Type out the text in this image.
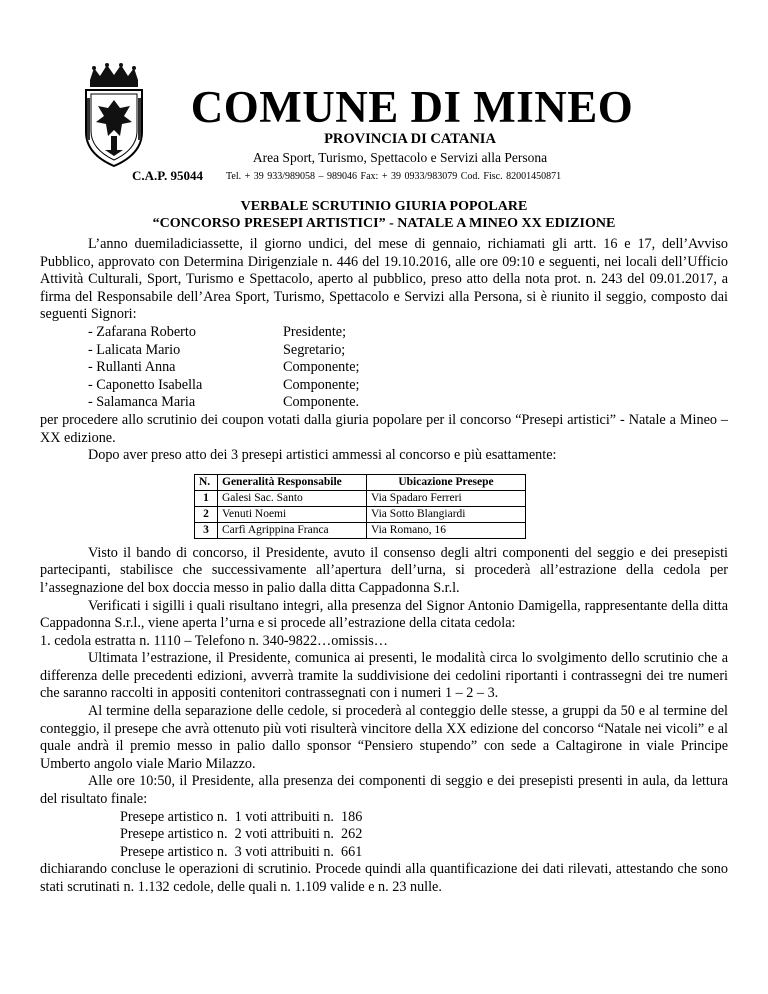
COMUNE DI MINEO
PROVINCIA DI CATANIA
Area Sport, Turismo, Spettacolo e Servizi alla Persona
C.A.P. 95044 Tel. + 39 933/989058 – 989046 Fax: + 39 0933/983079 Cod. Fisc. 82001450871
VERBALE SCRUTINIO GIURIA POPOLARE
“CONCORSO PRESEPI ARTISTICI” - NATALE A MINEO XX EDIZIONE

L’anno duemiladiciassette, il giorno undici, del mese di gennaio, richiamati gli artt. 16 e 17, dell’Avviso Pubblico, approvato con Determina Dirigenziale n. 446 del 19.10.2016, alle ore 09:10 e seguenti, nei locali dell’Ufficio Attività Culturali, Sport, Turismo e Spettacolo, aperto al pubblico, preso atto della nota prot. n. 243 del 09.01.2017, a firma del Responsabile dell’Area Sport, Turismo, Spettacolo e Servizi alla Persona, si è riunito il seggio, composto dai seguenti Signori:

- Zafarana Roberto	Presidente;
- Lalicata Mario	Segretario;
- Rullanti Anna	Componente;
- Caponetto Isabella	Componente;
- Salamanca Maria	Componente.

per procedere allo scrutinio dei coupon votati dalla giuria popolare per il concorso “Presepi artistici” - Natale a Mineo – XX edizione.

Dopo aver preso atto dei 3 presepi artistici ammessi al concorso e più esattamente:

N.	Generalità Responsabile	Ubicazione Presepe
1	Galesi Sac. Santo	Via Spadaro Ferreri
2	Venuti Noemi	Via Sotto Blangiardi
3	Carfì Agrippina Franca	Via Romano, 16

Visto il bando di concorso, il Presidente, avuto il consenso degli altri componenti del seggio e dei presepisti partecipanti, stabilisce che successivamente all’apertura dell’urna, si procederà all’estrazione della cedola per l’assegnazione del box doccia messo in palio dalla ditta Cappadonna S.r.l.

Verificati i sigilli i quali risultano integri, alla presenza del Signor Antonio Damigella, rappresentante della ditta Cappadonna S.r.l., viene aperta l’urna e si procede all’estrazione della citata cedola:

1. cedola estratta n. 1110 – Telefono n. 340-9822…omissis…

Ultimata l’estrazione, il Presidente, comunica ai presenti, le modalità circa lo svolgimento dello scrutinio che a differenza delle precedenti edizioni, avverrà tramite la suddivisione dei cedolini riportanti i contrassegni dei tre numeri che saranno raccolti in appositi contenitori contrassegnati con i numeri 1 – 2 – 3.

Al termine della separazione delle cedole, si procederà al conteggio delle stesse, a gruppi da 50 e al termine del conteggio, il presepe che avrà ottenuto più voti risulterà vincitore della XX edizione del concorso “Natale nei vicoli” e al quale andrà il premio messo in palio dallo sponsor “Pensiero stupendo” con sede a Caltagirone in viale Principe Umberto angolo viale Mario Milazzo.

Alle ore 10:50, il Presidente, alla presenza dei componenti di seggio e dei presepisti presenti in aula, da lettura del risultato finale:

Presepe artistico n.  1 voti attribuiti n.  186
Presepe artistico n.  2 voti attribuiti n.  262
Presepe artistico n.  3 voti attribuiti n.  661

dichiarando concluse le operazioni di scrutinio. Procede quindi alla quantificazione dei dati rilevati, attestando che sono stati scrutinati n. 1.132 cedole, delle quali n. 1.109 valide e n. 23 nulle.
